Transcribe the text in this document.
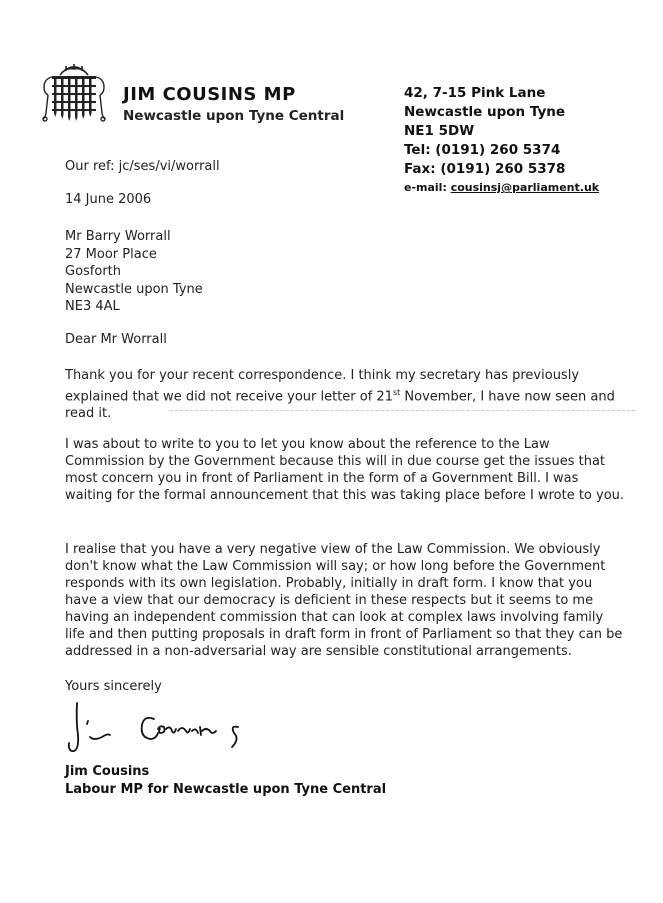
JIM COUSINS MP
Newcastle upon Tyne Central
42, 7-15 Pink Lane
Newcastle upon Tyne
NE1 5DW
Tel: (0191) 260 5374
Fax: (0191) 260 5378
e-mail: cousinsj@parliament.uk
Our ref: jc/ses/vi/worrall
14 June 2006
Mr Barry Worrall
27 Moor Place
Gosforth
Newcastle upon Tyne
NE3 4AL
Dear Mr Worrall
Thank you for your recent correspondence. I think my secretary has previously explained that we did not receive your letter of 21st November, I have now seen and read it.
I was about to write to you to let you know about the reference to the Law Commission by the Government because this will in due course get the issues that most concern you in front of Parliament in the form of a Government Bill. I was waiting for the formal announcement that this was taking place before I wrote to you.
I realise that you have a very negative view of the Law Commission. We obviously don't know what the Law Commission will say; or how long before the Government responds with its own legislation. Probably, initially in draft form. I know that you have a view that our democracy is deficient in these respects but it seems to me having an independent commission that can look at complex laws involving family life and then putting proposals in draft form in front of Parliament so that they can be addressed in a non-adversarial way are sensible constitutional arrangements.
Yours sincerely
Jim Cousins
Labour MP for Newcastle upon Tyne Central
